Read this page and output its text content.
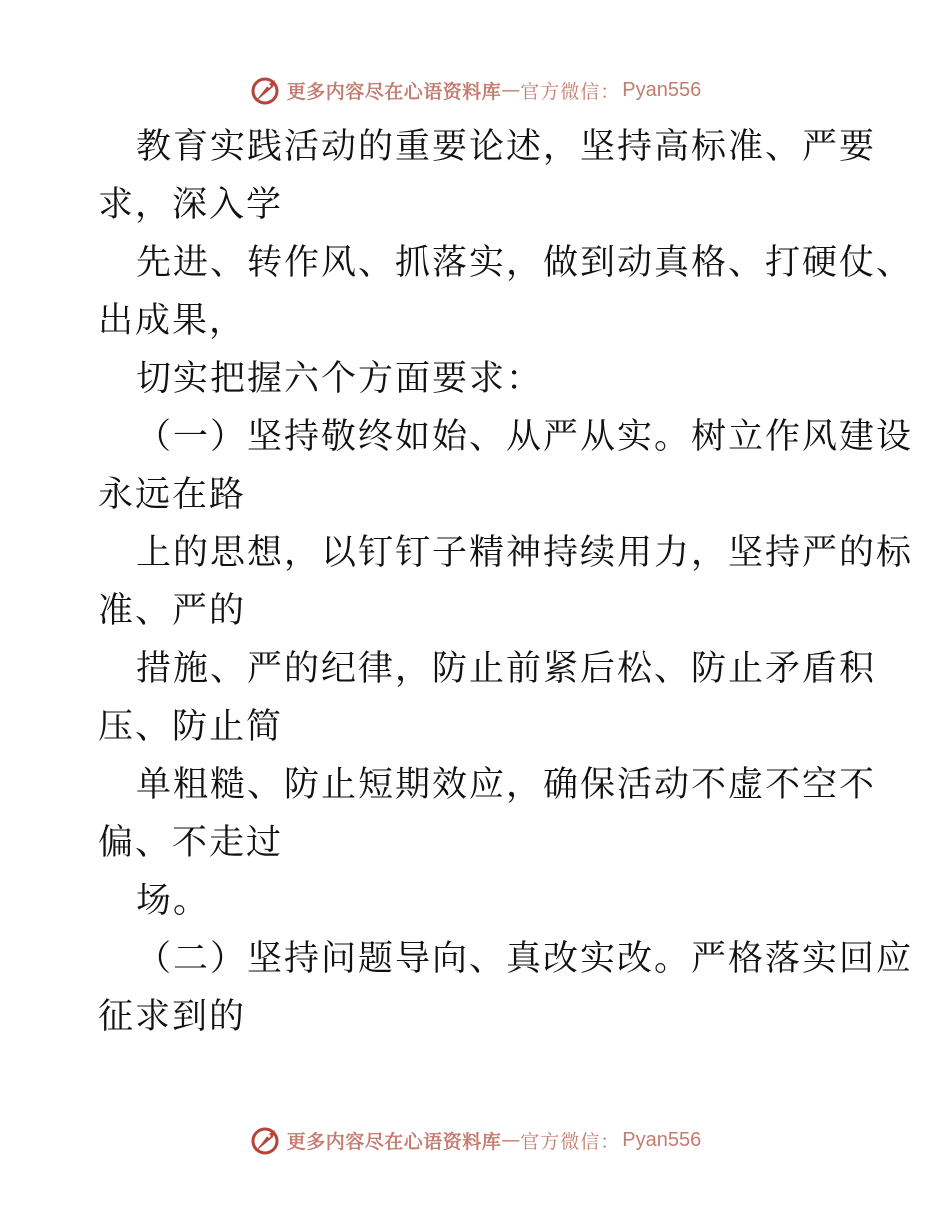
更多内容尽在心语资料库 — 官方微信： Pyan556
教育实践活动的重要论述，坚持高标准、严要
求，深入学
先进、转作风、抓落实，做到动真格、打硬仗、
出成果，
切实把握六个方面要求：
（一）坚持敬终如始、从严从实。树立作风建设
永远在路
上的思想，以钉钉子精神持续用力，坚持严的标
准、严的
措施、严的纪律，防止前紧后松、防止矛盾积
压、防止简
单粗糙、防止短期效应，确保活动不虚不空不
偏、不走过
场。
（二）坚持问题导向、真改实改。严格落实回应
征求到的
更多内容尽在心语资料库 — 官方微信： Pyan556
